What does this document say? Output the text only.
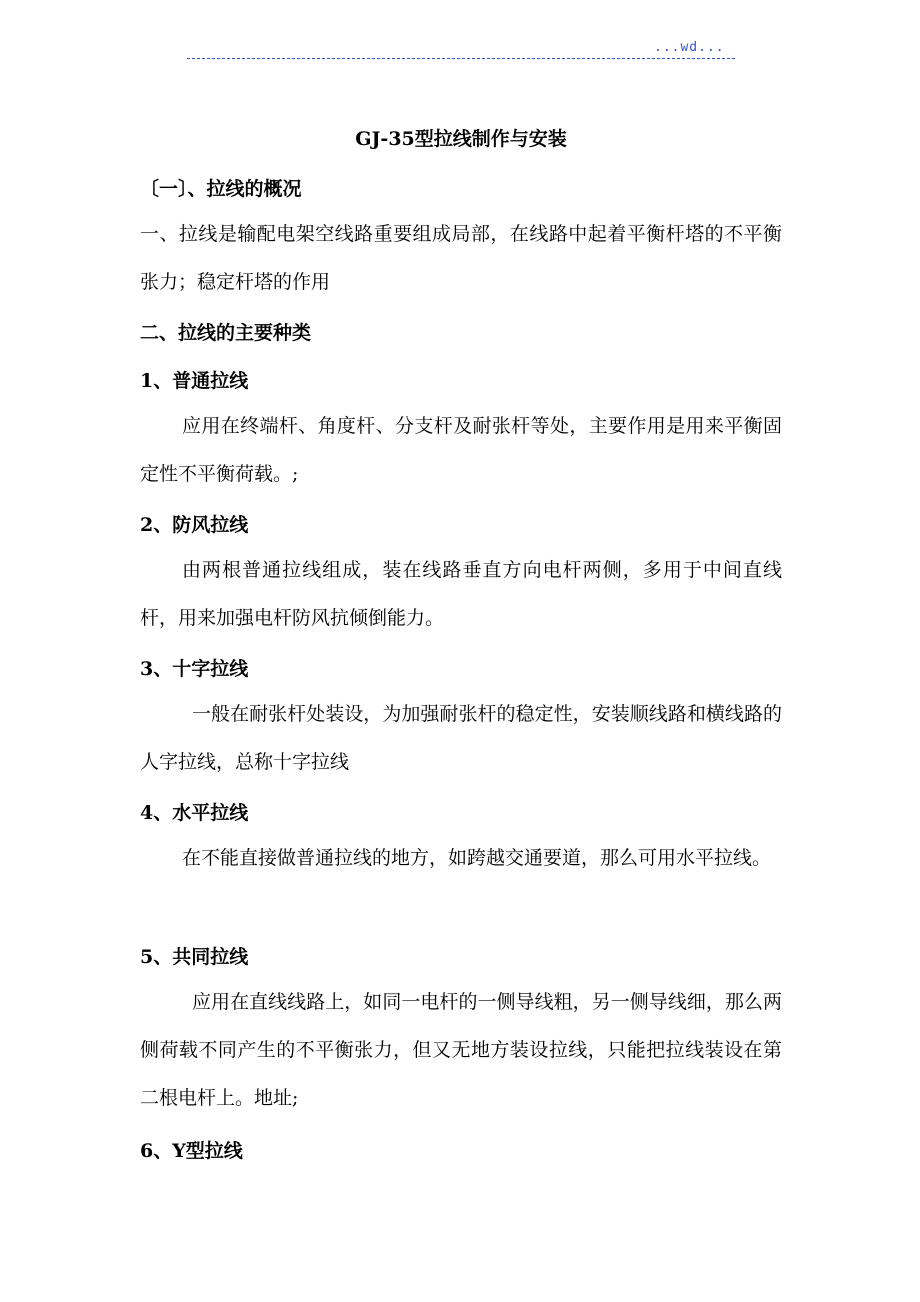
...wd...
GJ-35型拉线制作与安装
〔一〕、拉线的概况
一、拉线是输配电架空线路重要组成局部，在线路中起着平衡杆塔的不平衡张力；稳定杆塔的作用
二、拉线的主要种类
1、普通拉线
应用在终端杆、角度杆、分支杆及耐张杆等处，主要作用是用来平衡固定性不平衡荷载。;
2、防风拉线
由两根普通拉线组成，装在线路垂直方向电杆两侧，多用于中间直线杆，用来加强电杆防风抗倾倒能力。
3、十字拉线
一般在耐张杆处装设，为加强耐张杆的稳定性，安装顺线路和横线路的人字拉线，总称十字拉线
4、水平拉线
在不能直接做普通拉线的地方，如跨越交通要道，那么可用水平拉线。
5、共同拉线
应用在直线线路上，如同一电杆的一侧导线粗，另一侧导线细，那么两侧荷载不同产生的不平衡张力，但又无地方装设拉线，只能把拉线装设在第二根电杆上。地址;
6、Y型拉线
